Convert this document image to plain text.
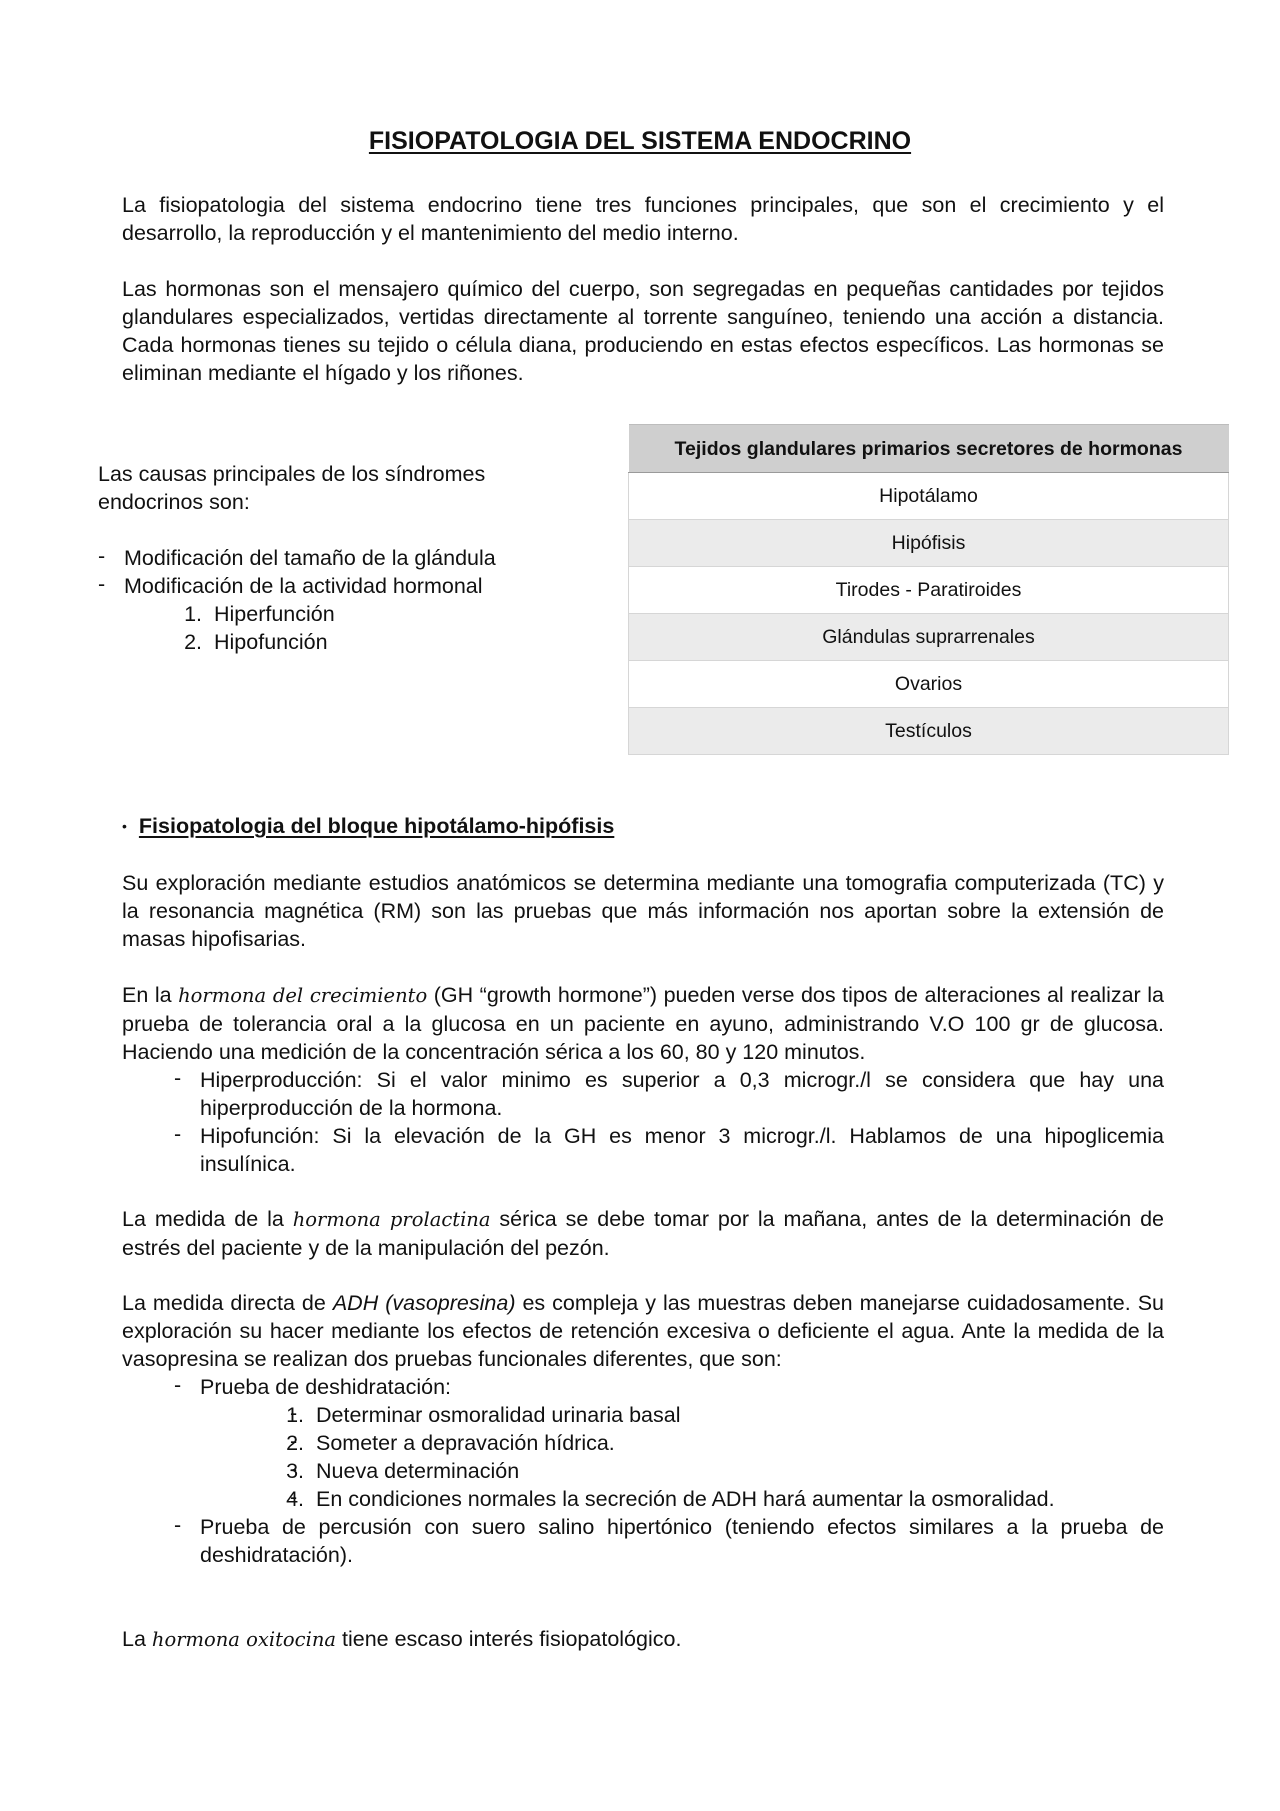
FISIOPATOLOGIA DEL SISTEMA ENDOCRINO

La fisiopatologia del sistema endocrino tiene tres funciones principales, que son el crecimiento y el desarrollo, la reproducción y el mantenimiento del medio interno.

Las hormonas son el mensajero químico del cuerpo, son segregadas en pequeñas cantidades por tejidos glandulares especializados, vertidas directamente al torrente sanguíneo, teniendo una acción a distancia. Cada hormonas tienes su tejido o célula diana, produciendo en estas efectos específicos. Las hormonas se eliminan mediante el hígado y los riñones.

Las causas principales de los síndromes endocrinos son:

- Modificación del tamaño de la glándula
- Modificación de la actividad hormonal
1. Hiperfunción
2. Hipofunción
Tejidos glandulares primarios secretores de hormonas
Hipotálamo
Hipófisis
Tirodes - Paratiroides
Glándulas suprarrenales
Ovarios
Testículos
• Fisiopatologia del bloque hipotálamo-hipófisis

Su exploración mediante estudios anatómicos se determina mediante una tomografia computerizada (TC) y la resonancia magnética (RM) son las pruebas que más información nos aportan sobre la extensión de masas hipofisarias.

En la hormona del crecimiento (GH “growth hormone”) pueden verse dos tipos de alteraciones al realizar la prueba de tolerancia oral a la glucosa en un paciente en ayuno, administrando V.O 100 gr de glucosa. Haciendo una medición de la concentración sérica a los 60, 80 y 120 minutos.

- Hiperproducción: Si el valor minimo es superior a 0,3 microgr./l se considera que hay una hiperproducción de la hormona.

- Hipofunción: Si la elevación de la GH es menor 3 microgr./l. Hablamos de una hipoglicemia insulínica.

La medida de la hormona prolactina sérica se debe tomar por la mañana, antes de la determinación de estrés del paciente y de la manipulación del pezón.

La medida directa de ADH (vasopresina) es compleja y las muestras deben manejarse cuidadosamente. Su exploración su hacer mediante los efectos de retención excesiva o deficiente el agua. Ante la medida de la vasopresina se realizan dos pruebas funcionales diferentes, que son:

- Prueba de deshidratación:

- 1. Determinar osmoralidad urinaria basal
- 2. Someter a depravación hídrica.
- 3. Nueva determinación
- 4. En condiciones normales la secreción de ADH hará aumentar la osmoralidad.

- Prueba de percusión con suero salino hipertónico (teniendo efectos similares a la prueba de deshidratación).

La hormona oxitocina tiene escaso interés fisiopatológico.
